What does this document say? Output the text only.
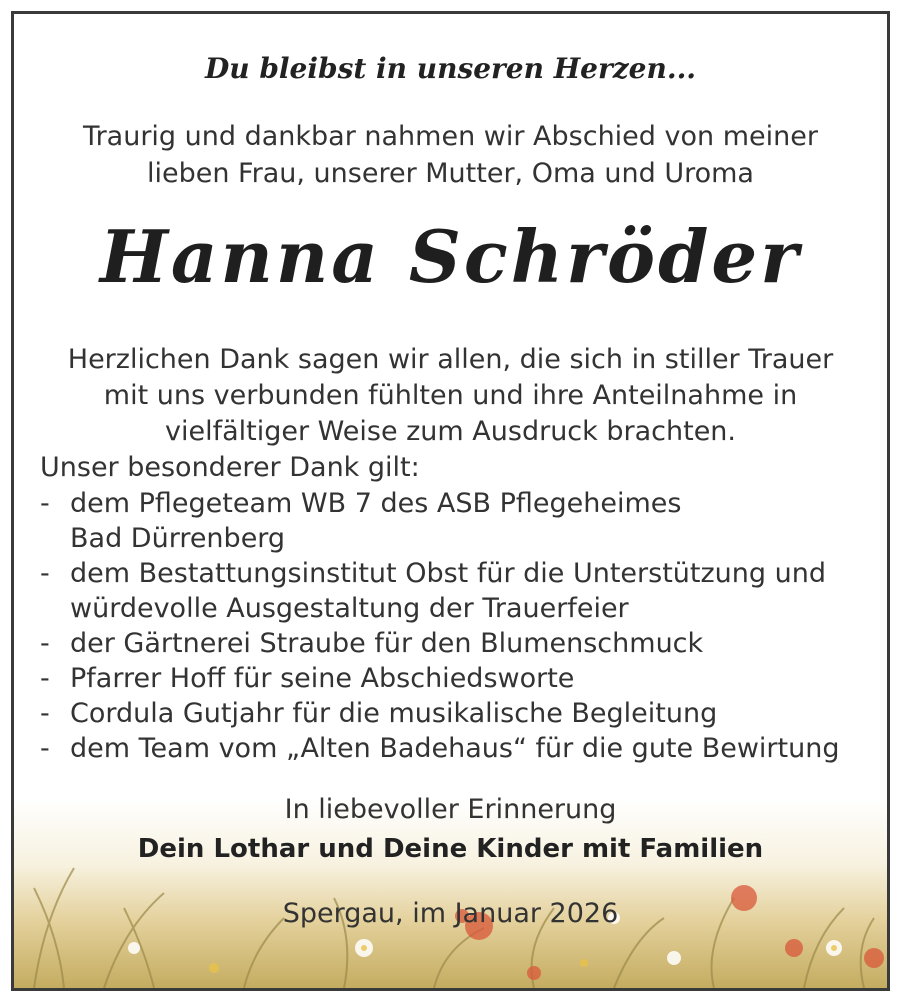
Du bleibst in unseren Herzen...
Traurig und dankbar nahmen wir Abschied von meiner
lieben Frau, unserer Mutter, Oma und Uroma
Hanna Schröder
Herzlichen Dank sagen wir allen, die sich in stiller Trauer
mit uns verbunden fühlten und ihre Anteilnahme in
vielfältiger Weise zum Ausdruck brachten.
Unser besonderer Dank gilt:
- dem Pflegeteam WB 7 des ASB Pflegeheimes
Bad Dürrenberg
- dem Bestattungsinstitut Obst für die Unterstützung und
würdevolle Ausgestaltung der Trauerfeier
- der Gärtnerei Straube für den Blumenschmuck
- Pfarrer Hoff für seine Abschiedsworte
- Cordula Gutjahr für die musikalische Begleitung
- dem Team vom „Alten Badehaus“ für die gute Bewirtung
In liebevoller Erinnerung
Dein Lothar und Deine Kinder mit Familien
Spergau, im Januar 2026
